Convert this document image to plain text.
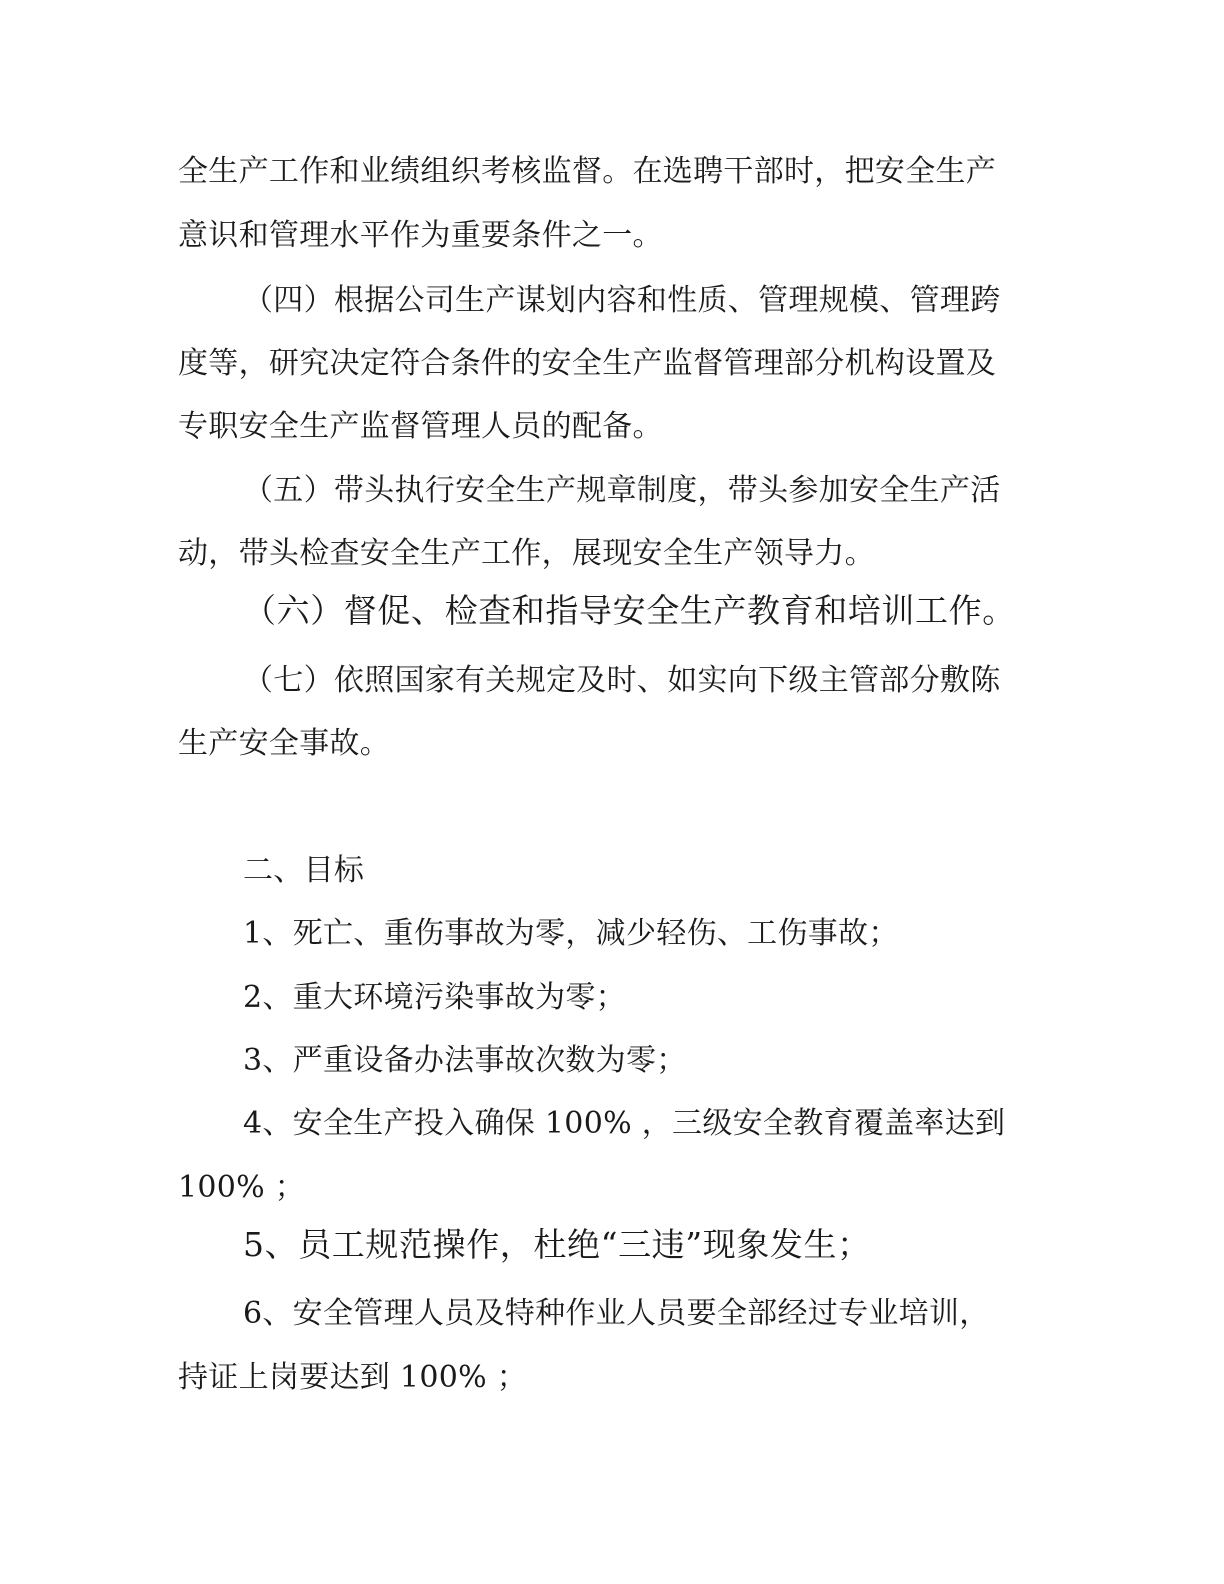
全生产工作和业绩组织考核监督。在选聘干部时，把安全生产
意识和管理水平作为重要条件之一。
（四）根据公司生产谋划内容和性质、管理规模、管理跨
度等，研究决定符合条件的安全生产监督管理部分机构设置及
专职安全生产监督管理人员的配备。
（五）带头执行安全生产规章制度，带头参加安全生产活
动，带头检查安全生产工作，展现安全生产领导力。
（六）督促、检查和指导安全生产教育和培训工作。
（七）依照国家有关规定及时、如实向下级主管部分敷陈
生产安全事故。
二、目标
1、死亡、重伤事故为零，减少轻伤、工伤事故；
2、重大环境污染事故为零；
3、严重设备办法事故次数为零；
4、安全生产投入确保 100% ，三级安全教育覆盖率达到
100% ；
5、员工规范操作，杜绝“三违”现象发生；
6、安全管理人员及特种作业人员要全部经过专业培训，
持证上岗要达到 100% ；
